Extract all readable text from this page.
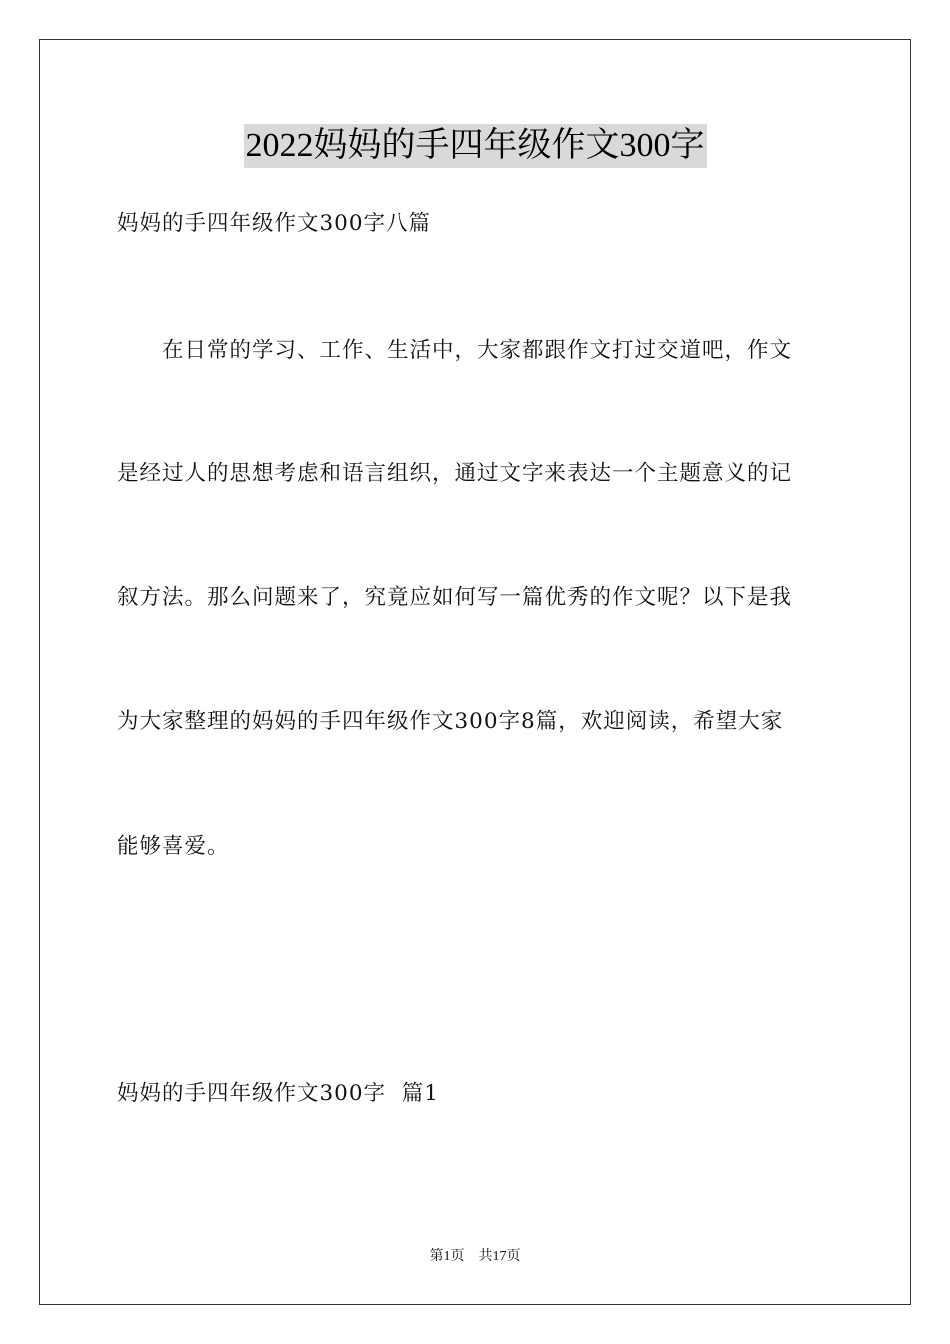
2022妈妈的手四年级作文300字
妈妈的手四年级作文300字八篇
　　在日常的学习、工作、生活中，大家都跟作文打过交道吧，作文
是经过人的思想考虑和语言组织，通过文字来表达一个主题意义的记
叙方法。那么问题来了，究竟应如何写一篇优秀的作文呢？以下是我
为大家整理的妈妈的手四年级作文300字8篇，欢迎阅读，希望大家
能够喜爱。
妈妈的手四年级作文300字  篇1
第1页 共17页
